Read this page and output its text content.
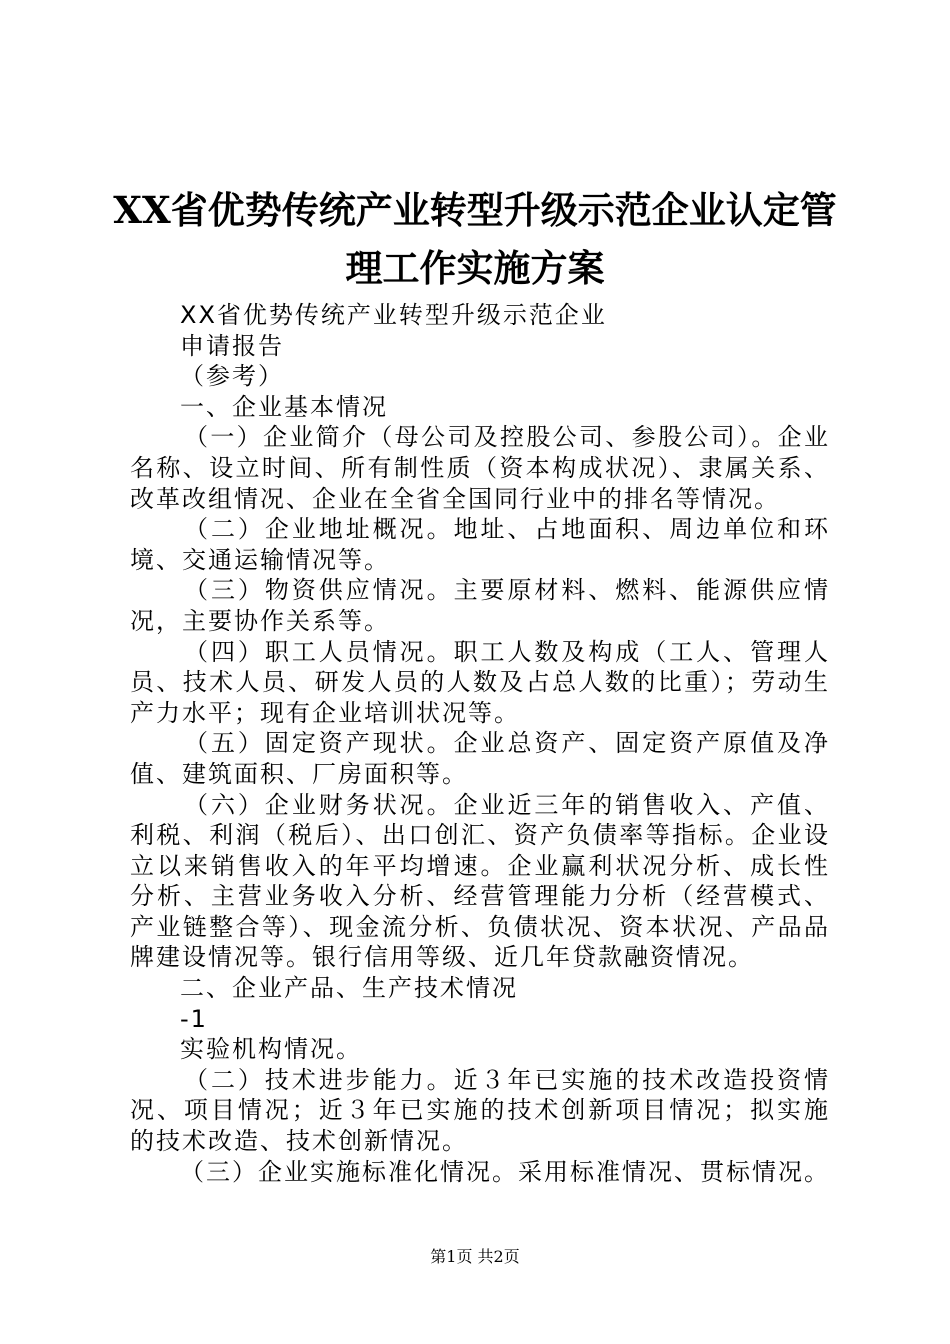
XX省优势传统产业转型升级示范企业认定管
理工作实施方案

XX省优势传统产业转型升级示范企业

申请报告

（参考）

一、企业基本情况

（一）企业简介（母公司及控股公司、参股公司）。企业名称、设立时间、所有制性质（资本构成状况）、隶属关系、改革改组情况、企业在全省全国同行业中的排名等情况。

（二）企业地址概况。地址、占地面积、周边单位和环境、交通运输情况等。

（三）物资供应情况。主要原材料、燃料、能源供应情况，主要协作关系等。

（四）职工人员情况。职工人数及构成（工人、管理人员、技术人员、研发人员的人数及占总人数的比重）；劳动生产力水平；现有企业培训状况等。

（五）固定资产现状。企业总资产、固定资产原值及净值、建筑面积、厂房面积等。

（六）企业财务状况。企业近三年的销售收入、产值、利税、利润（税后）、出口创汇、资产负债率等指标。企业设立以来销售收入的年平均增速。企业赢利状况分析、成长性分析、主营业务收入分析、经营管理能力分析（经营模式、产业链整合等）、现金流分析、负债状况、资本状况、产品品牌建设情况等。银行信用等级、近几年贷款融资情况。

二、企业产品、生产技术情况

-1

实验机构情况。

（二）技术进步能力。近３年已实施的技术改造投资情况、项目情况；近３年已实施的技术创新项目情况；拟实施的技术改造、技术创新情况。

（三）企业实施标准化情况。采用标准情况、贯标情况。

第1页 共2页
